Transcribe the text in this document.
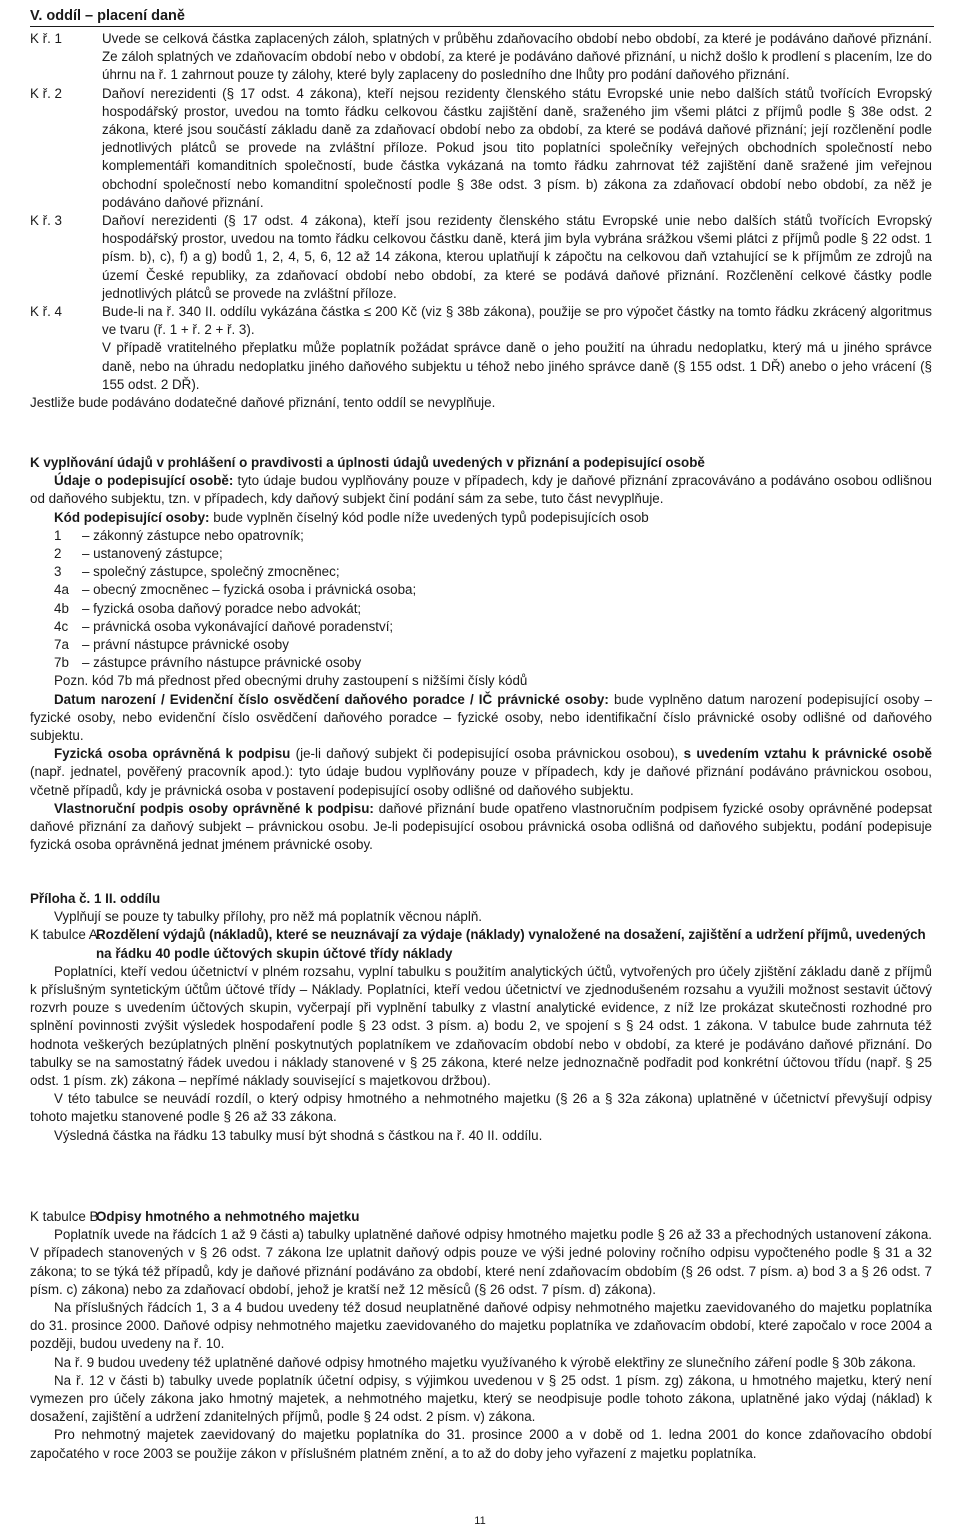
V. oddíl – placení daně
K ř. 1	Uvede se celková částka zaplacených záloh, splatných v průběhu zdaňovacího období nebo období, za které je podáváno daňové přiznání. Ze záloh splatných ve zdaňovacím období nebo v období, za které je podáváno daňové přiznání, u nichž došlo k prodlení s placením, lze do úhrnu na ř. 1 zahrnout pouze ty zálohy, které byly zaplaceny do posledního dne lhůty pro podání daňového přiznání.

K ř. 2	Daňoví nerezidenti (§ 17 odst. 4 zákona), kteří nejsou rezidenty členského státu Evropské unie nebo dalších států tvořících Evropský hospodářský prostor, uvedou na tomto řádku celkovou částku zajištění daně, sraženého jim všemi plátci z příjmů podle § 38e odst. 2 zákona, které jsou součástí základu daně za zdaňovací období nebo za období, za které se podává daňové přiznání; její rozčlenění podle jednotlivých plátců se provede na zvláštní příloze. Pokud jsou tito poplatníci společníky veřejných obchodních společností nebo komplementáři komanditních společností, bude částka vykázaná na tomto řádku zahrnovat též zajištění daně sražené jim veřejnou obchodní společností nebo komanditní společností podle § 38e odst. 3 písm. b) zákona za zdaňovací období nebo období, za něž je podáváno daňové přiznání.

K ř. 3	Daňoví nerezidenti (§ 17 odst. 4 zákona), kteří jsou rezidenty členského státu Evropské unie nebo dalších států tvořících Evropský hospodářský prostor, uvedou na tomto řádku celkovou částku daně, která jim byla vybrána srážkou všemi plátci z příjmů podle § 22 odst. 1 písm. b), c), f) a g) bodů 1, 2, 4, 5, 6, 12 až 14 zákona, kterou uplatňují k zápočtu na celkovou daň vztahující se k příjmům ze zdrojů na území České republiky, za zdaňovací období nebo období, za které se podává daňové přiznání. Rozčlenění celkové částky podle jednotlivých plátců se provede na zvláštní příloze.

K ř. 4	Bude-li na ř. 340 II. oddílu vykázána částka ≤ 200 Kč (viz § 38b zákona), použije se pro výpočet částky na tomto řádku zkrácený algoritmus ve tvaru (ř. 1 + ř. 2 + ř. 3).

V případě vratitelného přeplatku může poplatník požádat správce daně o jeho použití na úhradu nedoplatku, který má u jiného správce daně, nebo na úhradu nedoplatku jiného daňového subjektu u téhož nebo jiného správce daně (§ 155 odst. 1 DŘ) anebo o jeho vrácení (§ 155 odst. 2 DŘ).

Jestliže bude podáváno dodatečné daňové přiznání, tento oddíl se nevyplňuje.

K vyplňování údajů v prohlášení o pravdivosti a úplnosti údajů uvedených v přiznání a podepisující osobě

Údaje o podepisující osobě: tyto údaje budou vyplňovány pouze v případech, kdy je daňové přiznání zpracováváno a podáváno osobou odlišnou od daňového subjektu, tzn. v případech, kdy daňový subjekt činí podání sám za sebe, tuto část nevyplňuje.

Kód podepisující osoby: bude vyplněn číselný kód podle níže uvedených typů podepisujících osob

1	– zákonný zástupce nebo opatrovník;
2	– ustanovený zástupce;
3	– společný zástupce, společný zmocněnec;
4a – obecný zmocněnec – fyzická osoba i právnická osoba;
4b – fyzická osoba daňový poradce nebo advokát;
4c	– právnická osoba vykonávající daňové poradenství;
7a – právní nástupce právnické osoby
7b – zástupce právního nástupce právnické osoby
Pozn. kód 7b má přednost před obecnými druhy zastoupení s nižšími čísly kódů

Datum narození / Evidenční číslo osvědčení daňového poradce / IČ právnické osoby: bude vyplněno datum narození podepisující osoby – fyzické osoby, nebo evidenční číslo osvědčení daňového poradce – fyzické osoby, nebo identifikační číslo právnické osoby odlišné od daňového subjektu.

Fyzická osoba oprávněná k podpisu (je-li daňový subjekt či podepisující osoba právnickou osobou), s uvedením vztahu k právnické osobě (např. jednatel, pověřený pracovník apod.): tyto údaje budou vyplňovány pouze v případech, kdy je daňové přiznání podáváno právnickou osobou, včetně případů, kdy je právnická osoba v postavení podepisující osoby odlišné od daňového subjektu.

Vlastnoruční podpis osoby oprávněné k podpisu: daňové přiznání bude opatřeno vlastnoručním podpisem fyzické osoby oprávněné podepsat daňové přiznání za daňový subjekt – právnickou osobu. Je-li podepisující osobou právnická osoba odlišná od daňového subjektu, podání podepisuje fyzická osoba oprávněná jednat jménem právnické osoby.

Příloha č. 1 II. oddílu

Vyplňují se pouze ty tabulky přílohy, pro něž má poplatník věcnou náplň.

K tabulce A.
Rozdělení výdajů (nákladů), které se neuznávají za výdaje (náklady) vynaložené na dosažení, zajištění a udržení příjmů, uvedených na řádku 40 podle účtových skupin účtové třídy náklady

Poplatníci, kteří vedou účetnictví v plném rozsahu, vyplní tabulku s použitím analytických účtů, vytvořených pro účely zjištění základu daně z příjmů k příslušným syntetickým účtům účtové třídy – Náklady. Poplatníci, kteří vedou účetnictví ve zjednodušeném rozsahu a využili možnost sestavit účtový rozvrh pouze s uvedením účtových skupin, vyčerpají při vyplnění tabulky z vlastní analytické evidence, z níž lze prokázat skutečnosti rozhodné pro splnění povinnosti zvýšit výsledek hospodaření podle § 23 odst. 3 písm. a) bodu 2, ve spojení s § 24 odst. 1 zákona. V tabulce bude zahrnuta též hodnota veškerých bezúplatných plnění poskytnutých poplatníkem ve zdaňovacím období nebo v období, za které je podáváno daňové přiznání. Do tabulky se na samostatný řádek uvedou i náklady stanovené v § 25 zákona, které nelze jednoznačně podřadit pod konkrétní účtovou třídu (např. § 25 odst. 1 písm. zk) zákona – nepřímé náklady související s majetkovou držbou).

V této tabulce se neuvádí rozdíl, o který odpisy hmotného a nehmotného majetku (§ 26 a § 32a zákona) uplatněné v účetnictví převyšují odpisy tohoto majetku stanovené podle § 26 až 33 zákona.

Výsledná částka na řádku 13 tabulky musí být shodná s částkou na ř. 40 II. oddílu.

K tabulce B.
Odpisy hmotného a nehmotného majetku

Poplatník uvede na řádcích 1 až 9 části a) tabulky uplatněné daňové odpisy hmotného majetku podle § 26 až 33 a přechodných ustanovení zákona. V případech stanovených v § 26 odst. 7 zákona lze uplatnit daňový odpis pouze ve výši jedné poloviny ročního odpisu vypočteného podle § 31 a 32 zákona; to se týká též případů, kdy je daňové přiznání podáváno za období, které není zdaňovacím obdobím (§ 26 odst. 7 písm. a) bod 3 a § 26 odst. 7 písm. c) zákona) nebo za zdaňovací období, jehož je kratší než 12 měsíců (§ 26 odst. 7 písm. d) zákona).

Na příslušných řádcích 1, 3 a 4 budou uvedeny též dosud neuplatněné daňové odpisy nehmotného majetku zaevidovaného do majetku poplatníka do 31. prosince 2000. Daňové odpisy nehmotného majetku zaevidovaného do majetku poplatníka ve zdaňovacím období, které započalo v roce 2004 a později, budou uvedeny na ř. 10.

Na ř. 9 budou uvedeny též uplatněné daňové odpisy hmotného majetku využívaného k výrobě elektřiny ze slunečního záření podle § 30b zákona.

Na ř. 12 v části b) tabulky uvede poplatník účetní odpisy, s výjimkou uvedenou v § 25 odst. 1 písm. zg) zákona, u hmotného majetku, který není vymezen pro účely zákona jako hmotný majetek, a nehmotného majetku, který se neodpisuje podle tohoto zákona, uplatněné jako výdaj (náklad) k dosažení, zajištění a udržení zdanitelných příjmů, podle § 24 odst. 2 písm. v) zákona.

Pro nehmotný majetek zaevidovaný do majetku poplatníka do 31. prosince 2000 a v době od 1. ledna 2001 do konce zdaňovacího období započatého v roce 2003 se použije zákon v příslušném platném znění, a to až do doby jeho vyřazení z majetku poplatníka.

11
